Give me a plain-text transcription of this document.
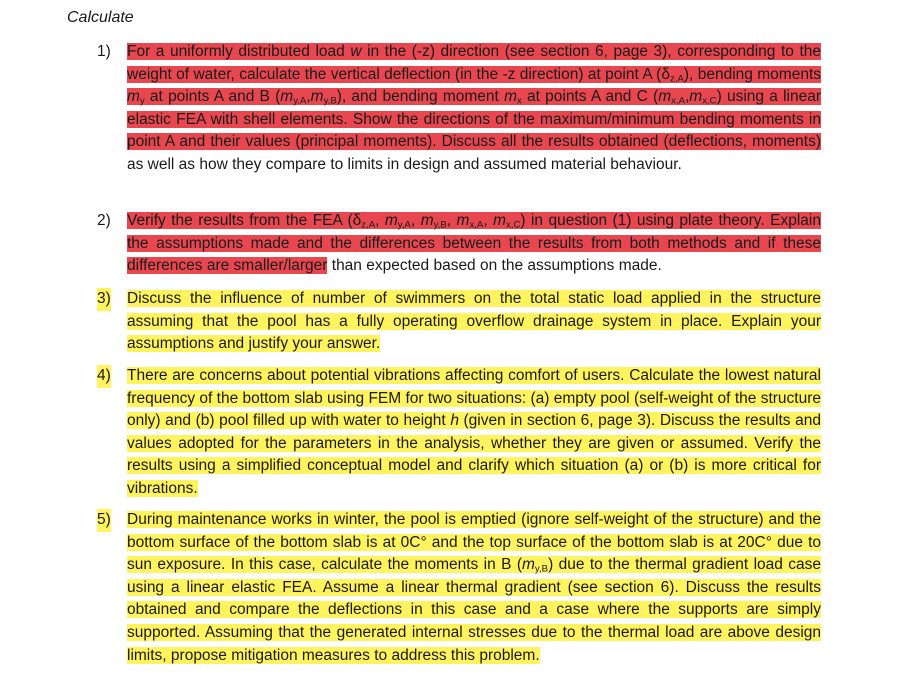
Calculate
1) For a uniformly distributed load w in the (-z) direction (see section 6, page 3), corresponding to the weight of water, calculate the vertical deflection (in the -z direction) at point A $(\delta_{z,A})$, bending moments $m_y$ at points A and B $(m_{y,A},m_{y,B})$, and bending moment $m_x$ at points A and C $(m_{x,A},m_{x,C})$ using a linear elastic FEA with shell elements. Show the directions of the maximum/minimum bending moments in point A and their values (principal moments). Discuss all the results obtained (deflections, moments) as well as how they compare to limits in design and assumed material behaviour.

2) Verify the results from the FEA ($\delta_{z,A}$, $m_{y,A}$, $m_{y,B}$, $m_{x,A}$, $m_{x,C}$) in question (1) using plate theory. Explain the assumptions made and the differences between the results from both methods and if these differences are smaller/larger than expected based on the assumptions made.

3) Discuss the influence of number of swimmers on the total static load applied in the structure assuming that the pool has a fully operating overflow drainage system in place. Explain your assumptions and justify your answer.

4) There are concerns about potential vibrations affecting comfort of users. Calculate the lowest natural frequency of the bottom slab using FEM for two situations: (a) empty pool (self-weight of the structure only) and (b) pool filled up with water to height h (given in section 6, page 3). Discuss the results and values adopted for the parameters in the analysis, whether they are given or assumed. Verify the results using a simplified conceptual model and clarify which situation (a) or (b) is more critical for vibrations.

5) During maintenance works in winter, the pool is emptied (ignore self-weight of the structure) and the bottom surface of the bottom slab is at 0C° and the top surface of the bottom slab is at 20C° due to sun exposure. In this case, calculate the moments in B $(m_{y,B})$ due to the thermal gradient load case using a linear elastic FEA. Assume a linear thermal gradient (see section 6). Discuss the results obtained and compare the deflections in this case and a case where the supports are simply supported. Assuming that the generated internal stresses due to the thermal load are above design limits, propose mitigation measures to address this problem.
